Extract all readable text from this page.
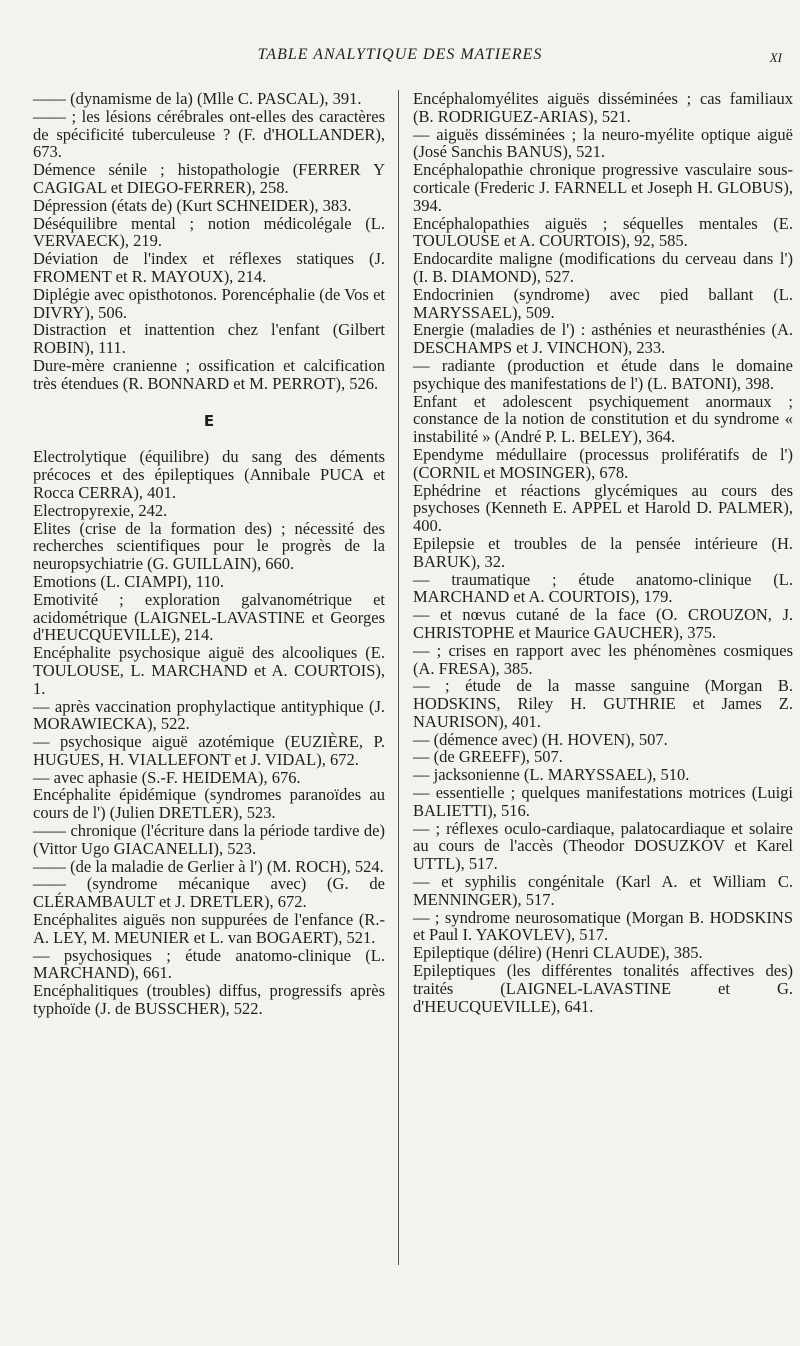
TABLE ANALYTIQUE DES MATIERES	XI
—— (dynamisme de la) (Mlle C. PASCAL), 391.
—— ; les lésions cérébrales ont-elles des caractères de spécificité tuberculeuse ? (F. d'HOLLANDER), 673.
Démence sénile ; histopathologie (FERRER Y CAGIGAL et DIEGO-FERRER), 258.
Dépression (états de) (Kurt SCHNEIDER), 383.
Déséquilibre mental ; notion médicolégale (L. VERVAECK), 219.
Déviation de l'index et réflexes statiques (J. FROMENT et R. MAYOUX), 214.
Diplégie avec opisthotonos. Porencéphalie (de Vos et DIVRY), 506.
Distraction et inattention chez l'enfant (Gilbert ROBIN), 111.
Dure-mère cranienne ; ossification et calcification très étendues (R. BONNARD et M. PERROT), 526.
E
Electrolytique (équilibre) du sang des déments précoces et des épileptiques (Annibale PUCA et Rocca CERRA), 401.
Electropyrexie, 242.
Elites (crise de la formation des) ; nécessité des recherches scientifiques pour le progrès de la neuropsychiatrie (G. GUILLAIN), 660.
Emotions (L. CIAMPI), 110.
Emotivité ; exploration galvanométrique et acidométrique (LAIGNEL-LAVASTINE et Georges d'HEUCQUEVILLE), 214.
Encéphalite psychosique aiguë des alcooliques (E. TOULOUSE, L. MARCHAND et A. COURTOIS), 1.
— après vaccination prophylactique antityphique (J. MORAWIECKA), 522.
— psychosique aiguë azotémique (EUZIÈRE, P. HUGUES, H. VIALLEFONT et J. VIDAL), 672.
— avec aphasie (S.-F. HEIDEMA), 676.
Encéphalite épidémique (syndromes paranoïdes au cours de l') (Julien DRETLER), 523.
—— chronique (l'écriture dans la période tardive de) (Vittor Ugo GIACANELLI), 523.
—— (de la maladie de Gerlier à l') (M. ROCH), 524.
—— (syndrome mécanique avec) (G. de CLÉRAMBAULT et J. DRETLER), 672.
Encéphalites aiguës non suppurées de l'enfance (R.-A. LEY, M. MEUNIER et L. van BOGAERT), 521.
— psychosiques ; étude anatomo-clinique (L. MARCHAND), 661.
Encéphalitiques (troubles) diffus, progressifs après typhoïde (J. de BUSSCHER), 522.
Encéphalomyélites aiguës disséminées ; cas familiaux (B. RODRIGUEZ-ARIAS), 521.
— aiguës disséminées ; la neuro-myélite optique aiguë (José Sanchis BANUS), 521.
Encéphalopathie chronique progressive vasculaire sous-corticale (Frederic J. FARNELL et Joseph H. GLOBUS), 394.
Encéphalopathies aiguës ; séquelles mentales (E. TOULOUSE et A. COURTOIS), 92, 585.
Endocardite maligne (modifications du cerveau dans l') (I. B. DIAMOND), 527.
Endocrinien (syndrome) avec pied ballant (L. MARYSSAEL), 509.
Energie (maladies de l') : asthénies et neurasthénies (A. DESCHAMPS et J. VINCHON), 233.
— radiante (production et étude dans le domaine psychique des manifestations de l') (L. BATONI), 398.
Enfant et adolescent psychiquement anormaux ; constance de la notion de constitution et du syndrome « instabilité » (André P. L. BELEY), 364.
Ependyme médullaire (processus prolifératifs de l') (CORNIL et MOSINGER), 678.
Ephédrine et réactions glycémiques au cours des psychoses (Kenneth E. APPEL et Harold D. PALMER), 400.
Epilepsie et troubles de la pensée intérieure (H. BARUK), 32.
— traumatique ; étude anatomo-clinique (L. MARCHAND et A. COURTOIS), 179.
— et nœvus cutané de la face (O. CROUZON, J. CHRISTOPHE et Maurice GAUCHER), 375.
— ; crises en rapport avec les phénomènes cosmiques (A. FRESA), 385.
— ; étude de la masse sanguine (Morgan B. HODSKINS, Riley H. GUTHRIE et James Z. NAURISON), 401.
— (démence avec) (H. HOVEN), 507.
— (de GREEFF), 507.
— jacksonienne (L. MARYSSAEL), 510.
— essentielle ; quelques manifestations motrices (Luigi BALIETTI), 516.
— ; réflexes oculo-cardiaque, palatocardiaque et solaire au cours de l'accès (Theodor DOSUZKOV et Karel UTTL), 517.
— et syphilis congénitale (Karl A. et William C. MENNINGER), 517.
— ; syndrome neurosomatique (Morgan B. HODSKINS et Paul I. YAKOVLEV), 517.
Epileptique (délire) (Henri CLAUDE), 385.
Epileptiques (les différentes tonalités affectives des) traités (LAIGNEL-LAVASTINE et G. d'HEUCQUEVILLE), 641.
